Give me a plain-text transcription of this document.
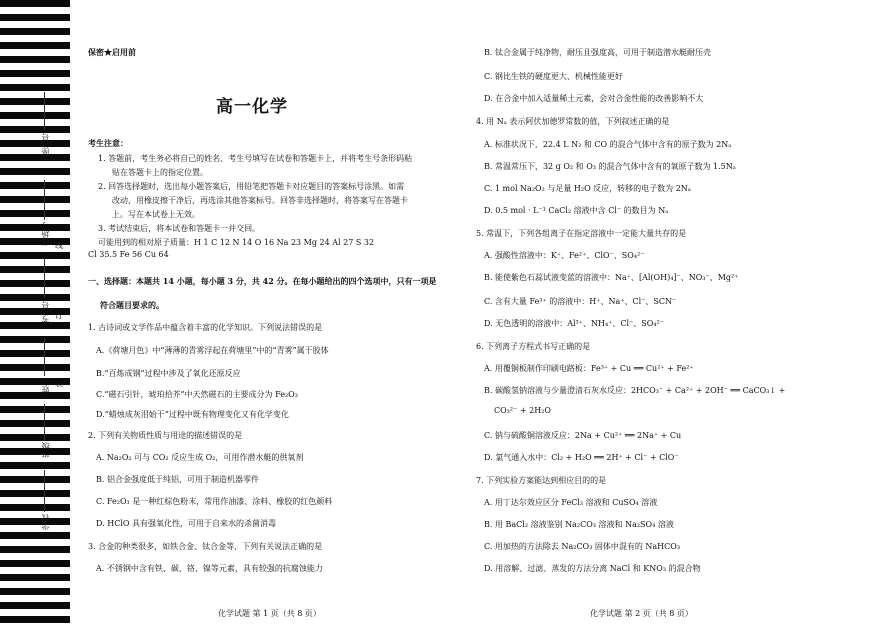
座位号
考场号
考生号
姓名
班级
学校
线
订
装
保密★启用前
高一化学
考生注意：
1. 答题前，考生务必将自己的姓名、考生号填写在试卷和答题卡上，并将考生号条形码粘
贴在答题卡上的指定位置。
2. 回答选择题时，选出每小题答案后，用铅笔把答题卡对应题目的答案标号涂黑。如需
改动，用橡皮擦干净后，再选涂其他答案标号。回答非选择题时，将答案写在答题卡
上。写在本试卷上无效。
3. 考试结束后，将本试卷和答题卡一并交回。
可能用到的相对原子质量：H 1 C 12 N 14 O 16 Na 23 Mg 24 Al 27 S 32
Cl 35.5 Fe 56 Cu 64
一、选择题：本题共 14 小题，每小题 3 分，共 42 分。在每小题给出的四个选项中，只有一项是
符合题目要求的。
1. 古诗词或文学作品中蕴含着丰富的化学知识。下列说法错误的是
A.《荷塘月色》中“薄薄的青雾浮起在荷塘里”中的“青雾”属于胶体
B.“百炼成钢”过程中涉及了氧化还原反应
C.“磁石引针，琥珀拾芥”中天然磁石的主要成分为 Fe₂O₃
D.“蜡烛成灰泪始干”过程中既有物理变化又有化学变化
2. 下列有关物质性质与用途的描述错误的是
A. Na₂O₂ 可与 CO₂ 反应生成 O₂，可用作潜水艇的供氧剂
B. 铝合金强度低于纯铝，可用于制造机器零件
C. Fe₂O₃ 是一种红棕色粉末，常用作油漆、涂料、橡胶的红色颜料
D. HClO 具有强氧化性，可用于自来水的杀菌消毒
3. 合金的种类很多，如铁合金、钛合金等，下列有关说法正确的是
A. 不锈钢中含有铁、碳、铬、镍等元素，具有较强的抗腐蚀能力
化学试题 第 1 页（共 8 页）
B. 钛合金属于纯净物，耐压且强度高，可用于制造潜水艇耐压壳
C. 钢比生铁的硬度更大、机械性能更好
D. 在合金中加入适量稀土元素，会对合金性能的改善影响不大
4. 用 Nₐ 表示阿伏加德罗常数的值，下列叙述正确的是
A. 标准状况下，22.4 L N₂ 和 CO 的混合气体中含有的原子数为 2Nₐ
B. 常温常压下，32 g O₂ 和 O₃ 的混合气体中含有的氧原子数为 1.5Nₐ
C. 1 mol Na₂O₂ 与足量 H₂O 反应，转移的电子数为 2Nₐ
D. 0.5 mol · L⁻¹ CaCl₂ 溶液中含 Cl⁻ 的数目为 Nₐ
5. 常温下，下列各组离子在指定溶液中一定能大量共存的是
A. 强酸性溶液中：K⁺、Fe²⁺、ClO⁻、SO₄²⁻
B. 能使紫色石蕊试液变蓝的溶液中：Na⁺、[Al(OH)₄]⁻、NO₃⁻、Mg²⁺
C. 含有大量 Fe³⁺ 的溶液中：H⁺、Na⁺、Cl⁻、SCN⁻
D. 无色透明的溶液中：Al³⁺、NH₄⁺、Cl⁻、SO₄²⁻
6. 下列离子方程式书写正确的是
A. 用覆铜板制作印刷电路板：Fe³⁺ + Cu ══ Cu²⁺ + Fe²⁺
B. 碳酸氢钠溶液与少量澄清石灰水反应：2HCO₃⁻ + Ca²⁺ + 2OH⁻ ══ CaCO₃↓ +
CO₃²⁻ + 2H₂O
C. 钠与硫酸铜溶液反应：2Na + Cu²⁺ ══ 2Na⁺ + Cu
D. 氯气通入水中：Cl₂ + H₂O ══ 2H⁺ + Cl⁻ + ClO⁻
7. 下列实验方案能达到相应目的的是
A. 用丁达尔效应区分 FeCl₃ 溶液和 CuSO₄ 溶液
B. 用 BaCl₂ 溶液鉴别 Na₂CO₃ 溶液和 Na₂SO₄ 溶液
C. 用加热的方法除去 Na₂CO₃ 固体中混有的 NaHCO₃
D. 用溶解、过滤、蒸发的方法分离 NaCl 和 KNO₃ 的混合物
化学试题 第 2 页（共 8 页）
